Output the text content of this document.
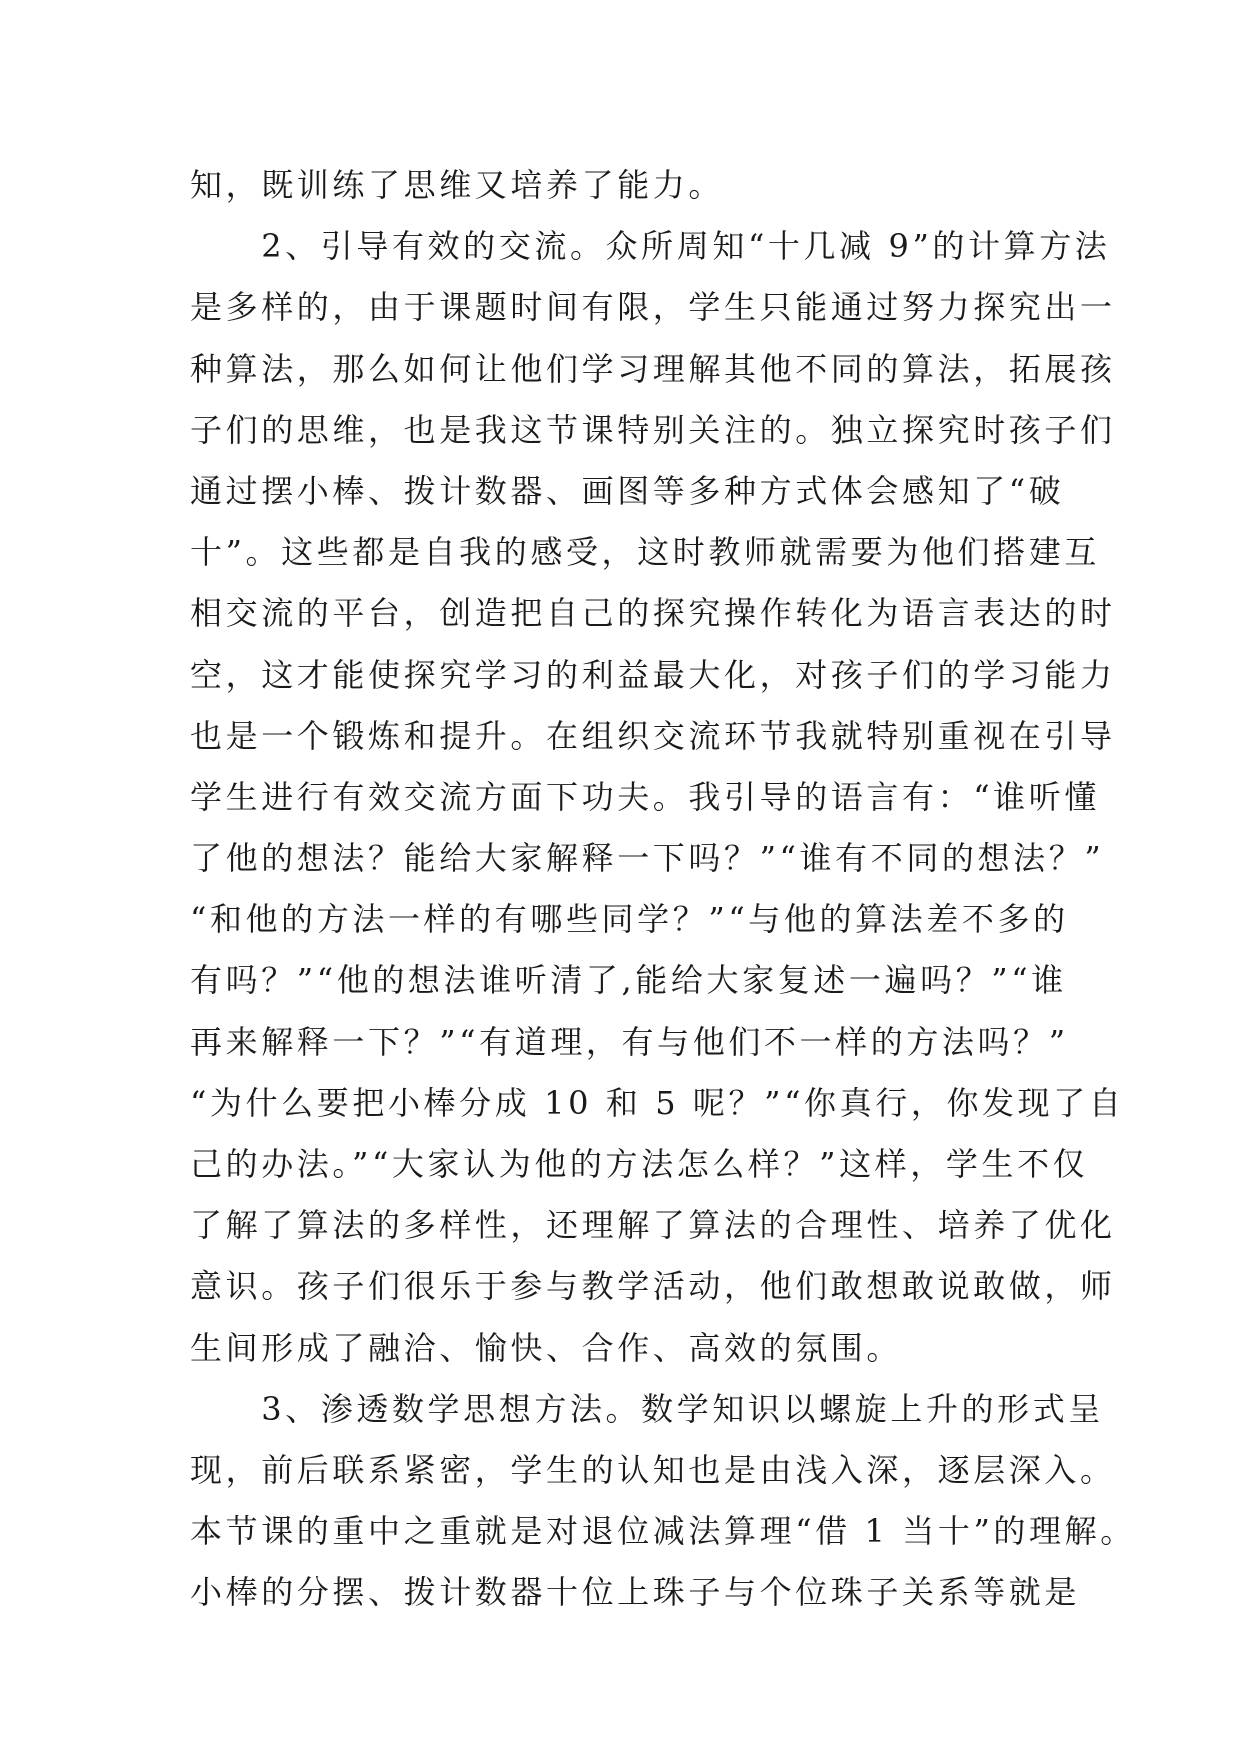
知，既训练了思维又培养了能力。
　　2、引导有效的交流。众所周知“十几减 9”的计算方法
是多样的，由于课题时间有限，学生只能通过努力探究出一
种算法，那么如何让他们学习理解其他不同的算法，拓展孩
子们的思维，也是我这节课特别关注的。独立探究时孩子们
通过摆小棒、拨计数器、画图等多种方式体会感知了“破
十”。这些都是自我的感受，这时教师就需要为他们搭建互
相交流的平台，创造把自己的探究操作转化为语言表达的时
空，这才能使探究学习的利益最大化，对孩子们的学习能力
也是一个锻炼和提升。在组织交流环节我就特别重视在引导
学生进行有效交流方面下功夫。我引导的语言有：“谁听懂
了他的想法？能给大家解释一下吗？”“谁有不同的想法？”
“和他的方法一样的有哪些同学？”“与他的算法差不多的
有吗？”“他的想法谁听清了,能给大家复述一遍吗？”“谁
再来解释一下？”“有道理，有与他们不一样的方法吗？”
“为什么要把小棒分成 10 和 5 呢？”“你真行，你发现了自
己的办法。”“大家认为他的方法怎么样？”这样，学生不仅
了解了算法的多样性，还理解了算法的合理性、培养了优化
意识。孩子们很乐于参与教学活动，他们敢想敢说敢做，师
生间形成了融洽、愉快、合作、高效的氛围。
　　3、渗透数学思想方法。数学知识以螺旋上升的形式呈
现，前后联系紧密，学生的认知也是由浅入深，逐层深入。
本节课的重中之重就是对退位减法算理“借 1 当十”的理解。
小棒的分摆、拨计数器十位上珠子与个位珠子关系等就是
